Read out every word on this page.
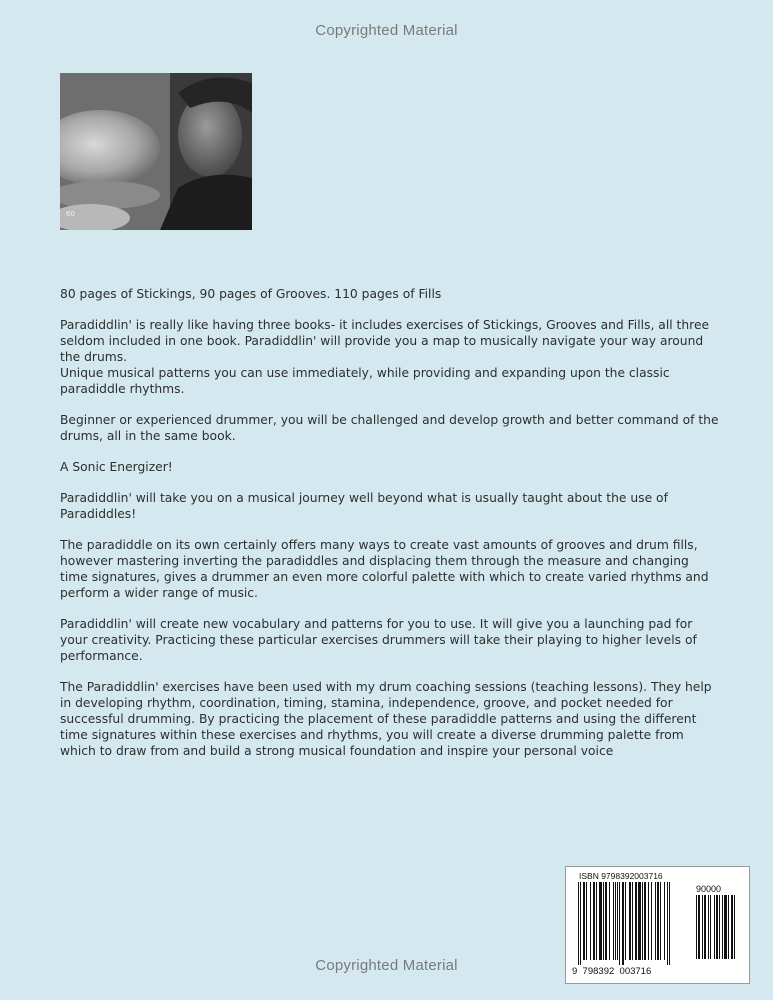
Copyrighted Material
60

80 pages of Stickings, 90 pages of Grooves. 110 pages of Fills

Paradiddlin' is really like having three books- it includes exercises of Stickings, Grooves and Fills, all three seldom included in one book. Paradiddlin' will provide you a map to musically navigate your way around the drums.

Unique musical patterns you can use immediately, while providing and expanding upon the classic paradiddle rhythms.

Beginner or experienced drummer, you will be challenged and develop growth and better command of the drums, all in the same book.

A Sonic Energizer!

Paradiddlin' will take you on a musical journey well beyond what is usually taught about the use of Paradiddles!

The paradiddle on its own certainly offers many ways to create vast amounts of grooves and drum fills, however mastering inverting the paradiddles and displacing them through the measure and changing time signatures, gives a drummer an even more colorful palette with which to create varied rhythms and perform a wider range of music.

Paradiddlin' will create new vocabulary and patterns for you to use. It will give you a launching pad for your creativity. Practicing these particular exercises drummers will take their playing to higher levels of performance.

The Paradiddlin' exercises have been used with my drum coaching sessions (teaching lessons). They help in developing rhythm, coordination, timing, stamina, independence, groove, and pocket needed for successful drumming. By practicing the placement of these paradiddle patterns and using the different time signatures within these exercises and rhythms, you will create a diverse drumming palette from which to draw from and build a strong musical foundation and inspire your personal voice

ISBN 9798392003716
90000
9  798392  003716
Copyrighted Material
